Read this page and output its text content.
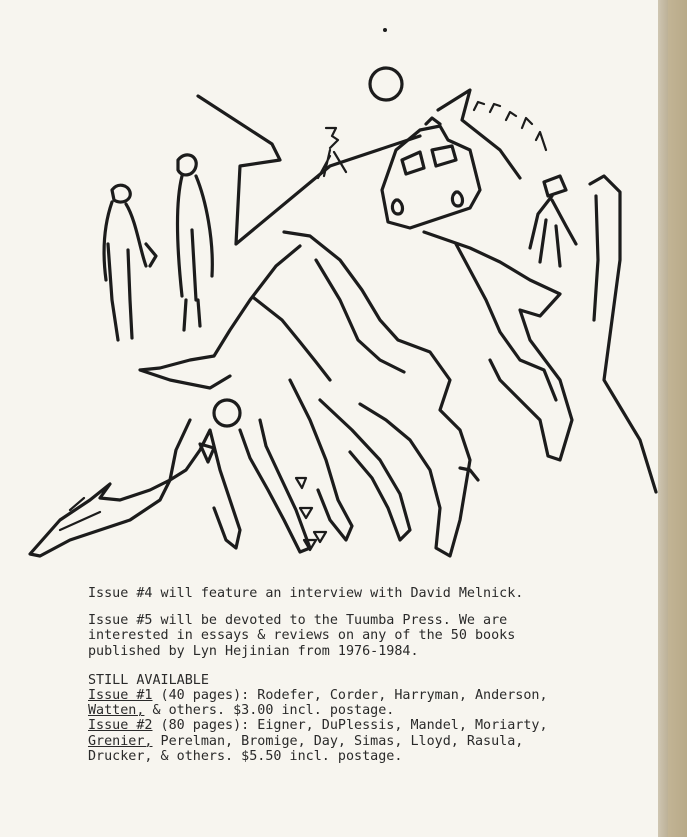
Issue #4 will feature an interview with David Melnick.

Issue #5 will be devoted to the Tuumba Press. We are
interested in essays & reviews on any of the 50 books
published by Lyn Hejinian from 1976-1984.

STILL AVAILABLE
Issue #1 (40 pages): Rodefer, Corder, Harryman, Anderson,
Watten, & others. $3.00 incl. postage.
Issue #2 (80 pages): Eigner, DuPlessis, Mandel, Moriarty,
Grenier, Perelman, Bromige, Day, Simas, Lloyd, Rasula,
Drucker, & others. $5.50 incl. postage.
